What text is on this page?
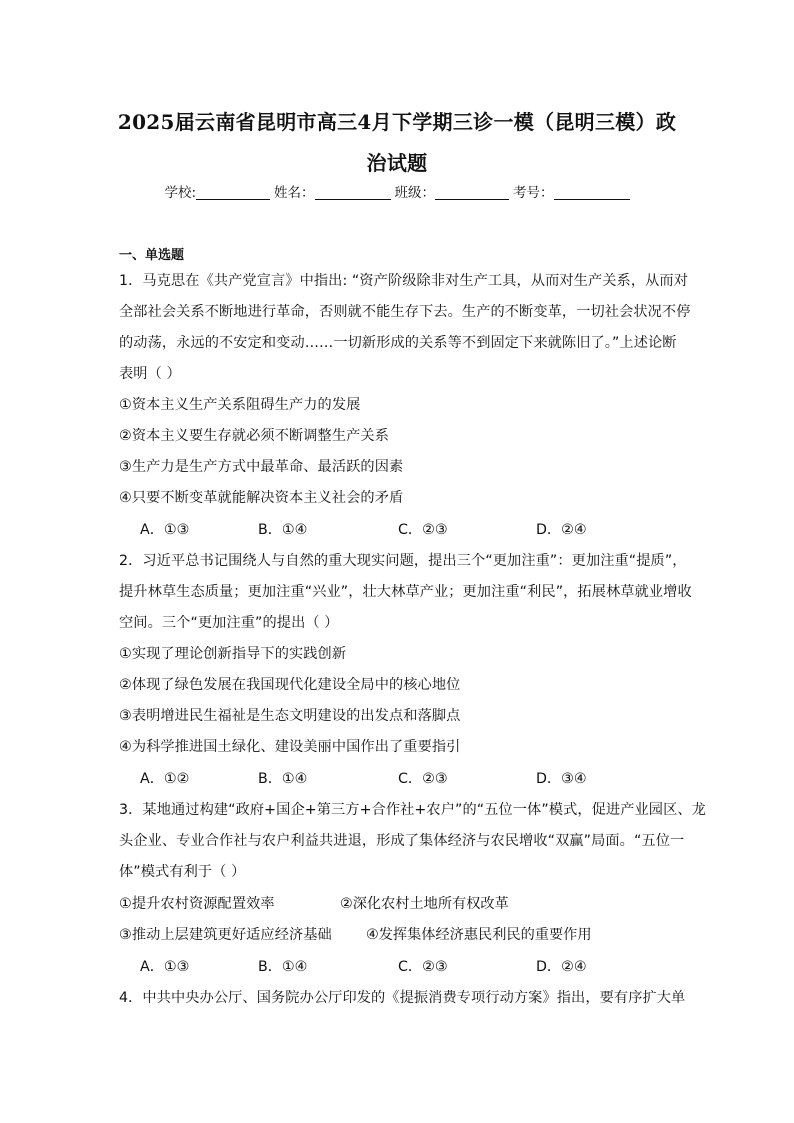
2025届云南省昆明市高三4月下学期三诊一模（昆明三模）政
治试题
学校:	姓名：	班级：	考号：
一、单选题
1．马克思在《共产党宣言》中指出: “资产阶级除非对生产工具，从而对生产关系，从而对
全部社会关系不断地进行革命，否则就不能生存下去。生产的不断变革，一切社会状况不停
的动荡，永远的不安定和变动……一切新形成的关系等不到固定下来就陈旧了。”上述论断
表明（ ）
①资本主义生产关系阻碍生产力的发展
②资本主义要生存就必须不断调整生产关系
③生产力是生产方式中最革命、最活跃的因素
④只要不断变革就能解决资本主义社会的矛盾
A．①③	B．①④	C．②③	D．②④
2．习近平总书记围绕人与自然的重大现实问题，提出三个“更加注重”：更加注重“提质”，
提升林草生态质量；更加注重“兴业”，壮大林草产业；更加注重“利民”，拓展林草就业增收
空间。三个“更加注重”的提出（ ）
①实现了理论创新指导下的实践创新
②体现了绿色发展在我国现代化建设全局中的核心地位
③表明增进民生福祉是生态文明建设的出发点和落脚点
④为科学推进国土绿化、建设美丽中国作出了重要指引
A．①②	B．①④	C．②③	D．③④
3．某地通过构建“政府+国企+第三方+合作社+农户”的“五位一体”模式，促进产业园区、龙
头企业、专业合作社与农户利益共进退，形成了集体经济与农民增收“双赢”局面。“五位一
体”模式有利于（ ）
①提升农村资源配置效率	②深化农村土地所有权改革
③推动上层建筑更好适应经济基础 ④发挥集体经济惠民利民的重要作用
A．①③	B．①④	C．②③	D．②④
4．中共中央办公厅、国务院办公厅印发的《提振消费专项行动方案》指出，要有序扩大单
